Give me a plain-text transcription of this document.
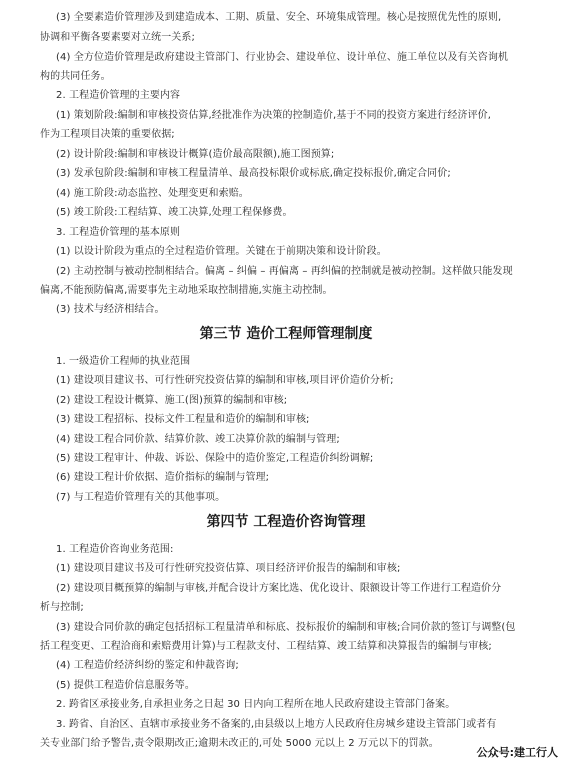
(3) 全要素造价管理涉及到建造成本、工期、质量、安全、环境集成管理。核心是按照优先性的原则,
协调和平衡各要素要对立统一关系;
(4) 全方位造价管理是政府建设主管部门、行业协会、建设单位、设计单位、施工单位以及有关咨询机
构的共同任务。
2. 工程造价管理的主要内容
(1) 策划阶段:编制和审核投资估算,经批准作为决策的控制造价,基于不同的投资方案进行经济评价,
作为工程项目决策的重要依据;
(2) 设计阶段:编制和审核设计概算(造价最高限额),施工图预算;
(3) 发承包阶段:编制和审核工程量清单、最高投标限价或标底,确定投标报价,确定合同价;
(4) 施工阶段:动态监控、处理变更和索赔。
(5) 竣工阶段:工程结算、竣工决算,处理工程保修费。
3. 工程造价管理的基本原则
(1) 以设计阶段为重点的全过程造价管理。关键在于前期决策和设计阶段。
(2) 主动控制与被动控制相结合。偏离 – 纠偏 – 再偏离 – 再纠偏的控制就是被动控制。这样做只能发现
偏离,不能预防偏离,需要事先主动地采取控制措施,实施主动控制。
(3) 技术与经济相结合。
第三节 造价工程师管理制度
1. 一级造价工程师的执业范围
(1) 建设项目建议书、可行性研究投资估算的编制和审核,项目评价造价分析;
(2) 建设工程设计概算、施工(图)预算的编制和审核;
(3) 建设工程招标、投标文件工程量和造价的编制和审核;
(4) 建设工程合同价款、结算价款、竣工决算价款的编制与管理;
(5) 建设工程审计、仲裁、诉讼、保险中的造价鉴定,工程造价纠纷调解;
(6) 建设工程计价依据、造价指标的编制与管理;
(7) 与工程造价管理有关的其他事项。
第四节 工程造价咨询管理
1. 工程造价咨询业务范围:
(1) 建设项目建议书及可行性研究投资估算、项目经济评价报告的编制和审核;
(2) 建设项目概预算的编制与审核,并配合设计方案比选、优化设计、限额设计等工作进行工程造价分
析与控制;
(3) 建设合同价款的确定包括招标工程量清单和标底、投标报价的编制和审核;合同价款的签订与调整(包
括工程变更、工程洽商和索赔费用计算)与工程款支付、工程结算、竣工结算和决算报告的编制与审核;
(4) 工程造价经济纠纷的鉴定和仲裁咨询;
(5) 提供工程造价信息服务等。
2. 跨省区承接业务,自承担业务之日起 30 日内向工程所在地人民政府建设主管部门备案。
3. 跨省、自治区、直辖市承接业务不备案的,由县级以上地方人民政府住房城乡建设主管部门或者有
关专业部门给予警告,责令限期改正;逾期未改正的,可处 5000 元以上 2 万元以下的罚款。
公众号:建工行人
